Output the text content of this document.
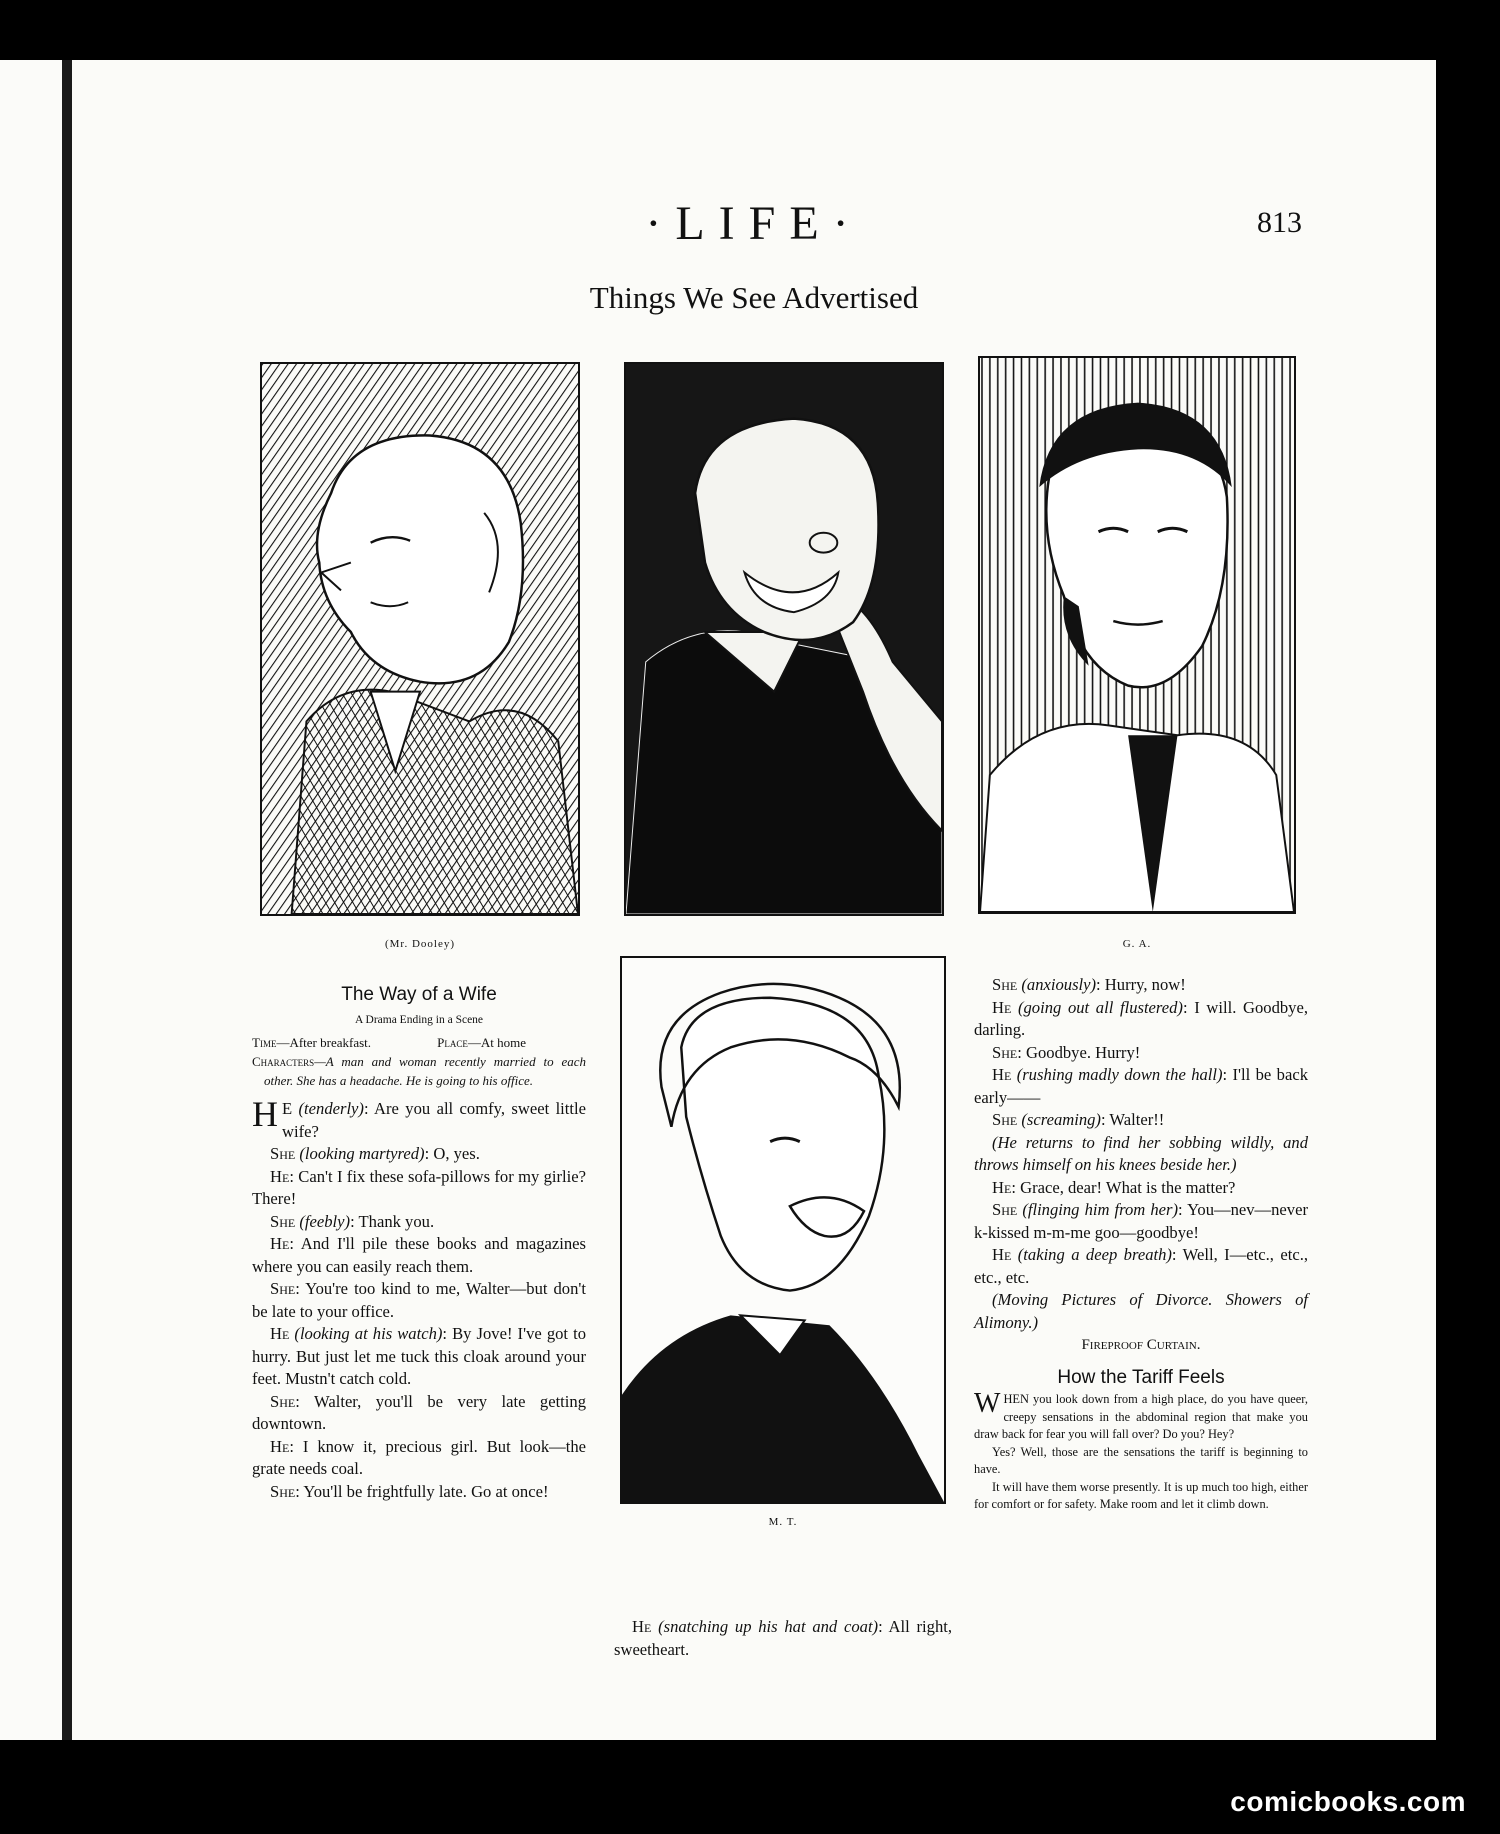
·LIFE·	813
Things We See Advertised
(Mr. Dooley)	G. A.
M. T.
The Way of a Wife
A Drama Ending in a Scene
Time—After breakfast.	Place—At home
Characters—A man and woman recently married to each other. She has a headache. He is going to his office.

H E (tenderly): Are you all comfy, sweet little wife?

She (looking martyred): O, yes.

He: Can't I fix these sofa-pillows for my girlie? There!

She (feebly): Thank you.

He: And I'll pile these books and magazines where you can easily reach them.

She: You're too kind to me, Walter—but don't be late to your office.

He (looking at his watch): By Jove! I've got to hurry. But just let me tuck this cloak around your feet. Mustn't catch cold.

She: Walter, you'll be very late getting downtown.

He: I know it, precious girl. But look—the grate needs coal.

She: You'll be frightfully late. Go at once!

He (snatching up his hat and coat): All right, sweetheart.

She (anxiously): Hurry, now!

He (going out all flustered): I will. Goodbye, darling.

She: Goodbye. Hurry!

He (rushing madly down the hall): I'll be back early——

She (screaming): Walter!!

(He returns to find her sobbing wildly, and throws himself on his knees beside her.)

He: Grace, dear! What is the matter?

She (flinging him from her): You—nev—never k-kissed m-m-me goo—goodbye!

He (taking a deep breath): Well, I—etc., etc., etc., etc.

(Moving Pictures of Divorce. Showers of Alimony.)

Fireproof Curtain.

How the Tariff Feels

WHEN you look down from a high place, do you have queer, creepy sensations in the abdominal region that make you draw back for fear you will fall over? Do you? Hey?

Yes? Well, those are the sensations the tariff is beginning to have.

It will have them worse presently. It is up much too high, either for comfort or for safety. Make room and let it climb down.

comicbooks.com
